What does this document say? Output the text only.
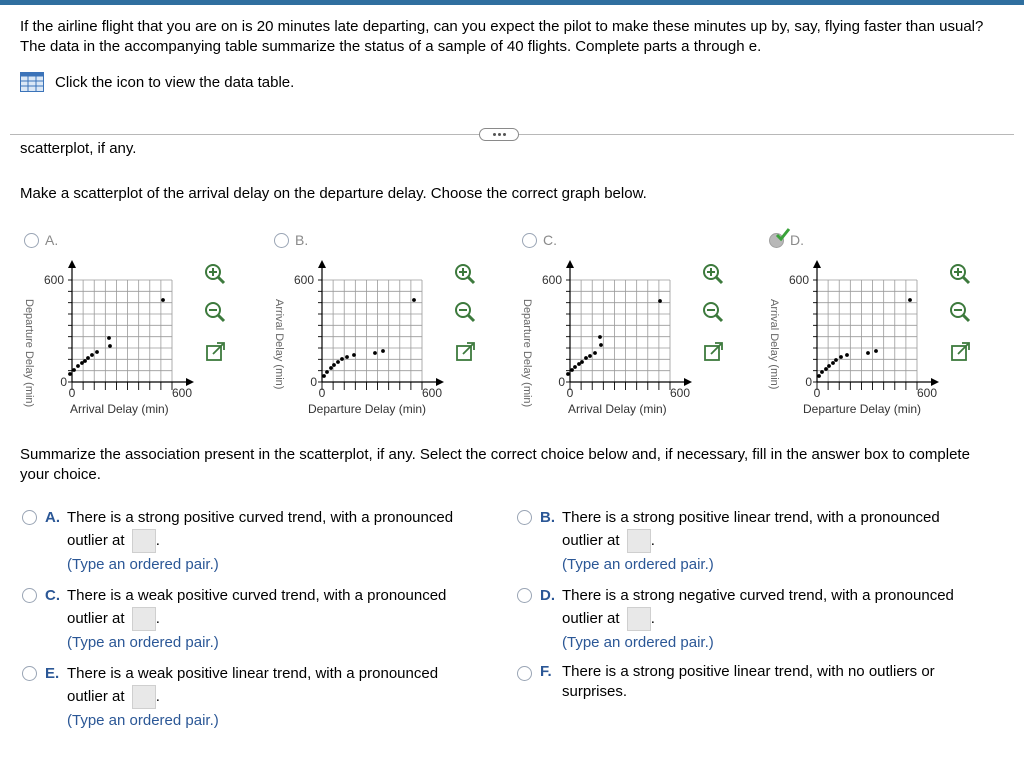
If the airline flight that you are on is 20 minutes late departing, can you expect the pilot to make these minutes up by, say, flying faster than usual? The data in the accompanying table summarize the status of a sample of 40 flights. Complete parts a through e.
Click the icon to view the data table.
scatterplot, if any.
Make a scatterplot of the arrival delay on the departure delay. Choose the correct graph below.
A.
600
0
0	600
Departure Delay (min)
Arrival Delay (min)
B.
600
0
0	600
Arrival Delay (min)
Departure Delay (min)
C.
600
0
0	600
Departure Delay (min)
Arrival Delay (min)
D.
600
0
0	600
Arrival Delay (min)
Departure Delay (min)
Summarize the association present in the scatterplot, if any. Select the correct choice below and, if necessary, fill in the answer box to complete your choice.
A. There is a strong positive curved trend, with a pronounced
outlier at .
(Type an ordered pair.)
B. There is a strong positive linear trend, with a pronounced
outlier at .
(Type an ordered pair.)
C. There is a weak positive curved trend, with a pronounced
outlier at .
(Type an ordered pair.)
D. There is a strong negative curved trend, with a pronounced
outlier at .
(Type an ordered pair.)
E. There is a weak positive linear trend, with a pronounced
outlier at .
(Type an ordered pair.)
F. There is a strong positive linear trend, with no outliers or surprises.
